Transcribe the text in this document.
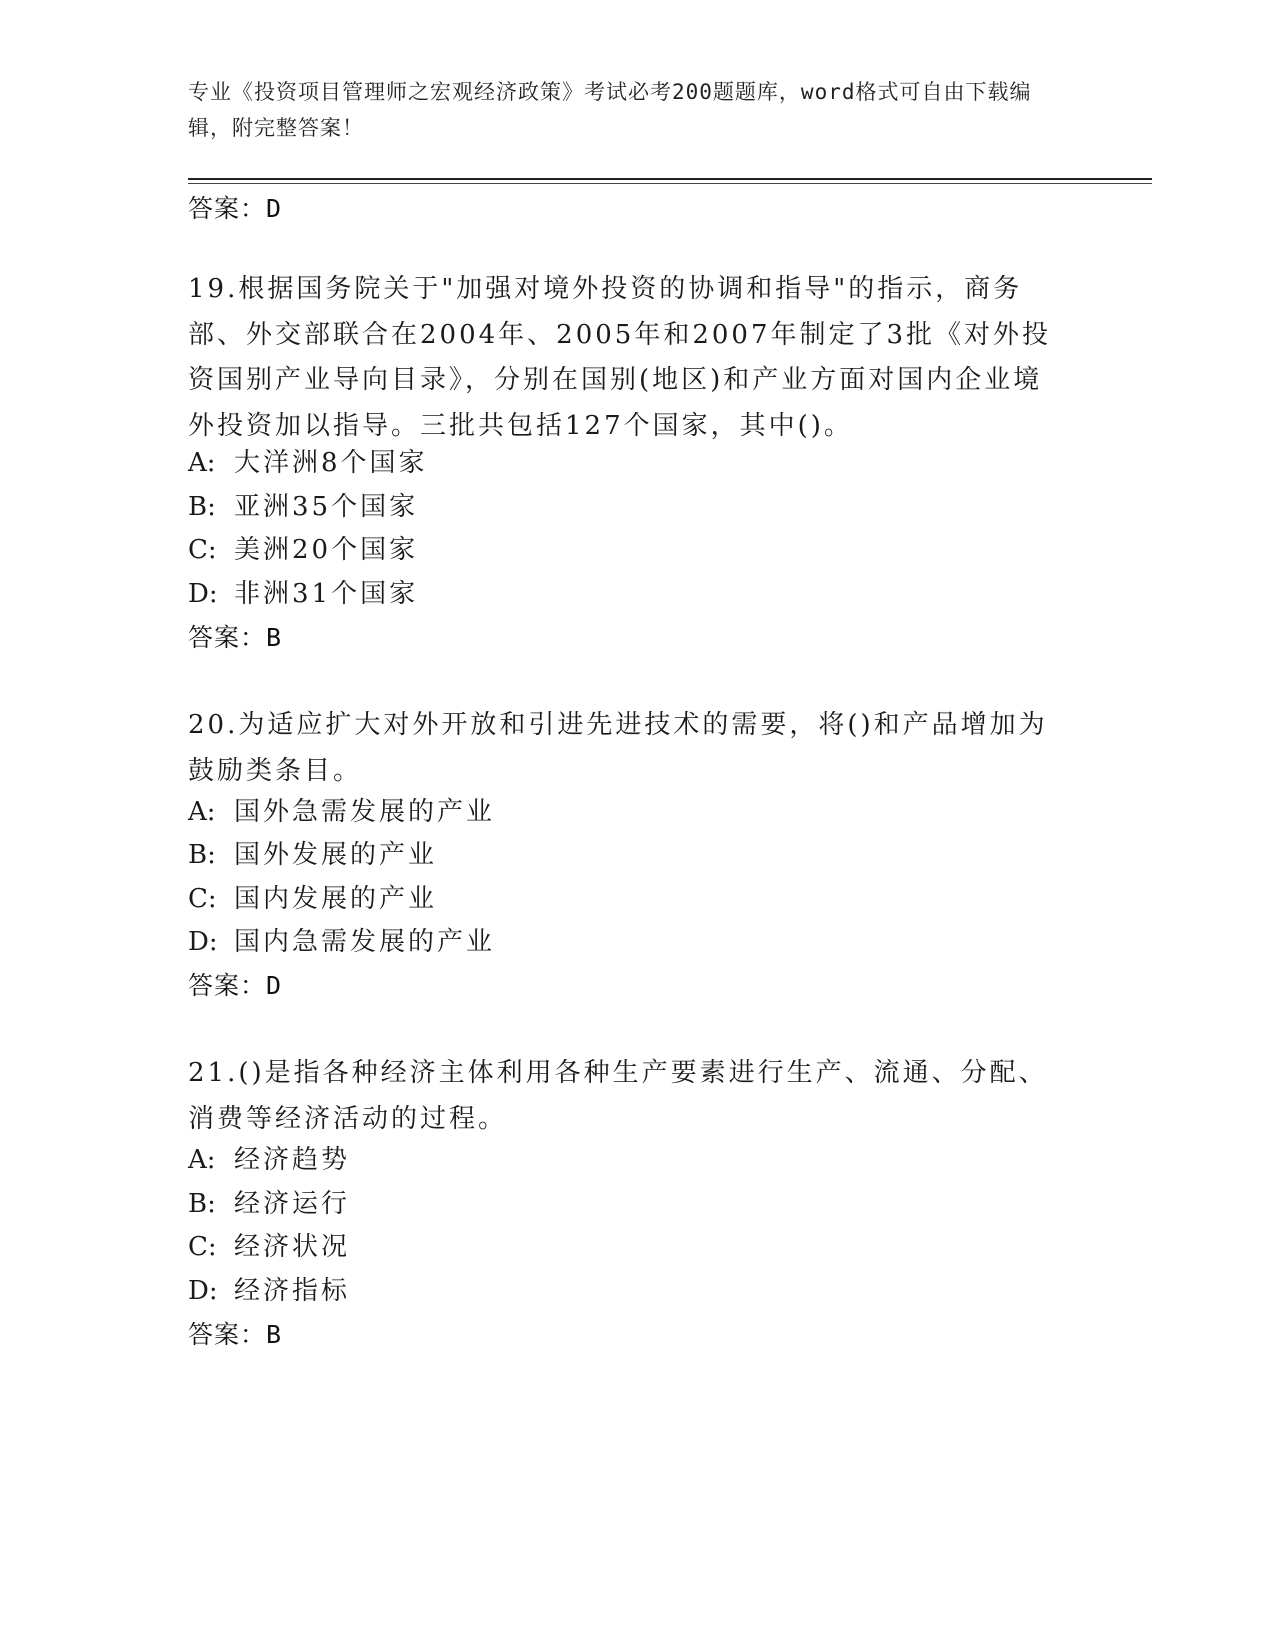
专业《投资项目管理师之宏观经济政策》考试必考200题题库，word格式可自由下载编辑，附完整答案！
答案：D
19.根据国务院关于"加强对境外投资的协调和指导"的指示，商务部、外交部联合在2004年、2005年和2007年制定了3批《对外投资国别产业导向目录》，分别在国别(地区)和产业方面对国内企业境外投资加以指导。三批共包括127个国家，其中()。
A: 大洋洲8个国家
B: 亚洲35个国家
C: 美洲20个国家
D: 非洲31个国家
答案：B
20.为适应扩大对外开放和引进先进技术的需要，将()和产品增加为鼓励类条目。
A: 国外急需发展的产业
B: 国外发展的产业
C: 国内发展的产业
D: 国内急需发展的产业
答案：D
21.()是指各种经济主体利用各种生产要素进行生产、流通、分配、消费等经济活动的过程。
A: 经济趋势
B: 经济运行
C: 经济状况
D: 经济指标
答案：B
